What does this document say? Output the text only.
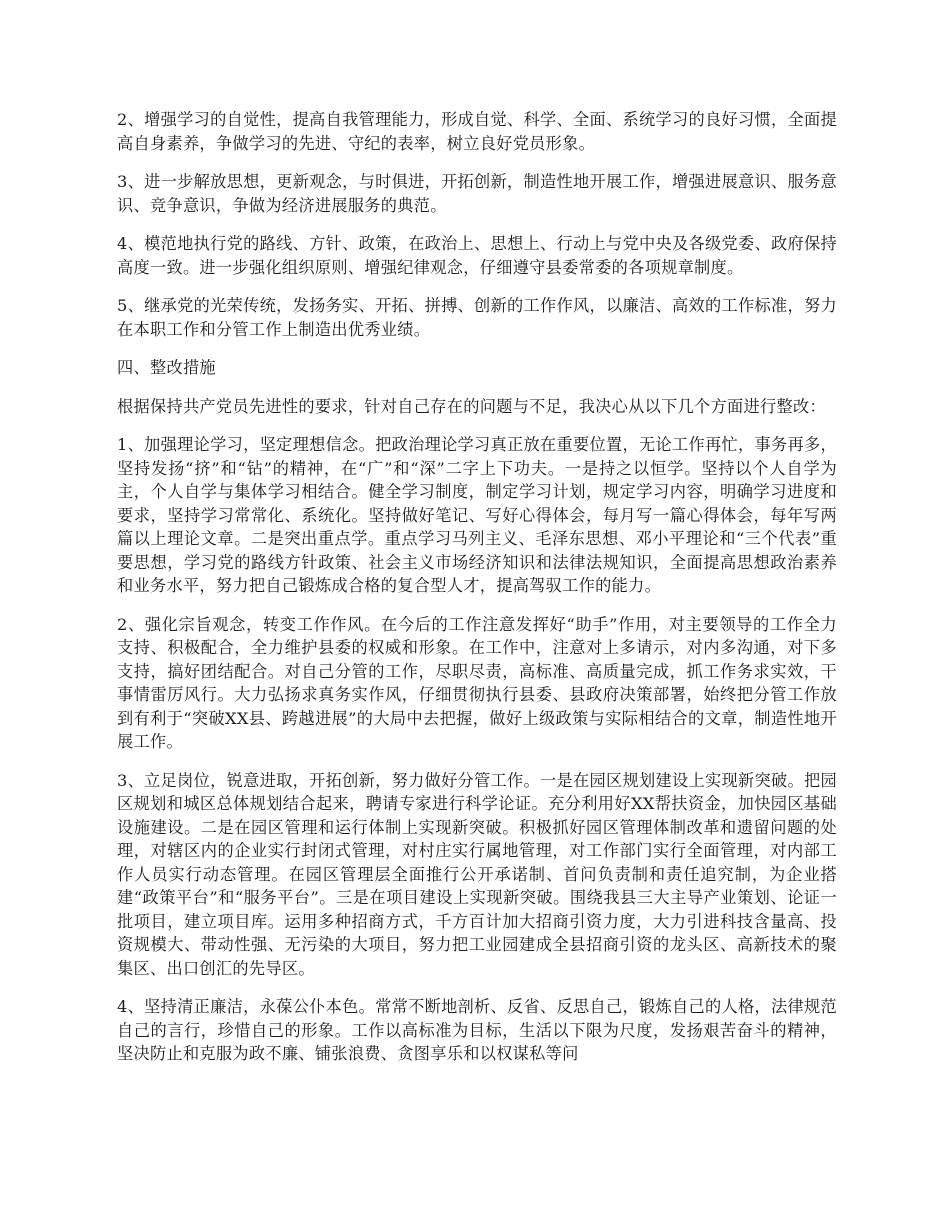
2、增强学习的自觉性，提高自我管理能力，形成自觉、科学、全面、系统学习的良好习惯，全面提高自身素养，争做学习的先进、守纪的表率，树立良好党员形象。

3、进一步解放思想，更新观念，与时俱进，开拓创新，制造性地开展工作，增强进展意识、服务意识、竞争意识，争做为经济进展服务的典范。

4、模范地执行党的路线、方针、政策，在政治上、思想上、行动上与党中央及各级党委、政府保持高度一致。进一步强化组织原则、增强纪律观念，仔细遵守县委常委的各项规章制度。

5、继承党的光荣传统，发扬务实、开拓、拼搏、创新的工作作风，以廉洁、高效的工作标准，努力在本职工作和分管工作上制造出优秀业绩。

四、整改措施

根据保持共产党员先进性的要求，针对自己存在的问题与不足，我决心从以下几个方面进行整改：

1、加强理论学习，坚定理想信念。把政治理论学习真正放在重要位置，无论工作再忙，事务再多，坚持发扬“挤”和“钻”的精神，在“广”和“深”二字上下功夫。一是持之以恒学。坚持以个人自学为主，个人自学与集体学习相结合。健全学习制度，制定学习计划，规定学习内容，明确学习进度和要求，坚持学习常常化、系统化。坚持做好笔记、写好心得体会，每月写一篇心得体会，每年写两篇以上理论文章。二是突出重点学。重点学习马列主义、毛泽东思想、邓小平理论和“三个代表”重要思想，学习党的路线方针政策、社会主义市场经济知识和法律法规知识，全面提高思想政治素养和业务水平，努力把自己锻炼成合格的复合型人才，提高驾驭工作的能力。

2、强化宗旨观念，转变工作作风。在今后的工作注意发挥好“助手”作用，对主要领导的工作全力支持、积极配合，全力维护县委的权威和形象。在工作中，注意对上多请示，对内多沟通，对下多支持，搞好团结配合。对自己分管的工作，尽职尽责，高标准、高质量完成，抓工作务求实效，干事情雷厉风行。大力弘扬求真务实作风，仔细贯彻执行县委、县政府决策部署，始终把分管工作放到有利于“突破XX县、跨越进展”的大局中去把握，做好上级政策与实际相结合的文章，制造性地开展工作。

3、立足岗位，锐意进取，开拓创新，努力做好分管工作。一是在园区规划建设上实现新突破。把园区规划和城区总体规划结合起来，聘请专家进行科学论证。充分利用好XX帮扶资金，加快园区基础设施建设。二是在园区管理和运行体制上实现新突破。积极抓好园区管理体制改革和遗留问题的处理，对辖区内的企业实行封闭式管理，对村庄实行属地管理，对工作部门实行全面管理，对内部工作人员实行动态管理。在园区管理层全面推行公开承诺制、首问负责制和责任追究制，为企业搭建“政策平台”和“服务平台”。三是在项目建设上实现新突破。围绕我县三大主导产业策划、论证一批项目，建立项目库。运用多种招商方式，千方百计加大招商引资力度，大力引进科技含量高、投资规模大、带动性强、无污染的大项目，努力把工业园建成全县招商引资的龙头区、高新技术的聚集区、出口创汇的先导区。

4、坚持清正廉洁，永葆公仆本色。常常不断地剖析、反省、反思自己，锻炼自己的人格，法律规范自己的言行，珍惜自己的形象。工作以高标准为目标，生活以下限为尺度，发扬艰苦奋斗的精神，坚决防止和克服为政不廉、铺张浪费、贪图享乐和以权谋私等问
